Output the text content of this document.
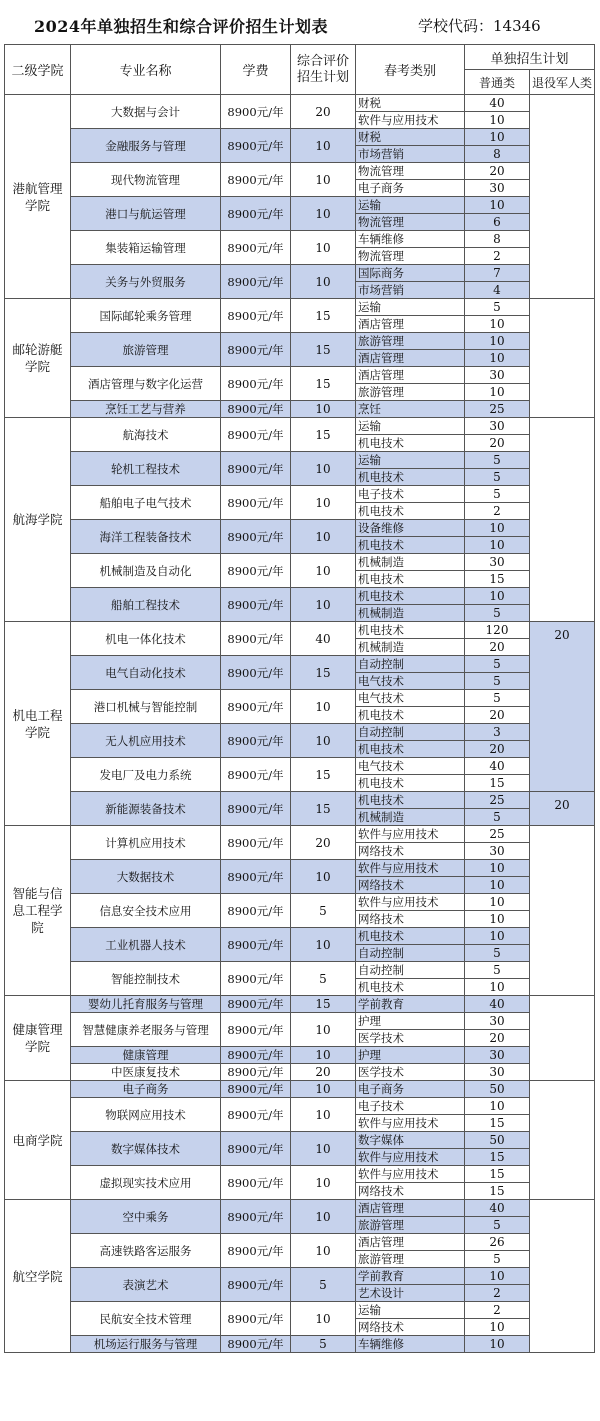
2024年单独招生和综合评价招生计划表	学校代码：14346
二级学院	专业名称	学费	综合评价招生计划	春考类别	单独招生计划	
					普通类	退役军人类
港航管理学院	大数据与会计	8900元/年	20	财税	40	
				软件与应用技术	10	
	金融服务与管理	8900元/年	10	财税	10	
				市场营销	8	
	现代物流管理	8900元/年	10	物流管理	20	
				电子商务	30	
	港口与航运管理	8900元/年	10	运输	10	
				物流管理	6	
	集装箱运输管理	8900元/年	10	车辆维修	8	
				物流管理	2	
	关务与外贸服务	8900元/年	10	国际商务	7	
				市场营销	4	
邮轮游艇学院	国际邮轮乘务管理	8900元/年	15	运输	5	
				酒店管理	10	
	旅游管理	8900元/年	15	旅游管理	10	
				酒店管理	10	
	酒店管理与数字化运营	8900元/年	15	酒店管理	30	
				旅游管理	10	
	烹饪工艺与营养	8900元/年	10	烹饪	25	
航海学院	航海技术	8900元/年	15	运输	30	
				机电技术	20	
	轮机工程技术	8900元/年	10	运输	5	
				机电技术	5	
	船舶电子电气技术	8900元/年	10	电子技术	5	
				机电技术	2	
	海洋工程装备技术	8900元/年	10	设备维修	10	
				机电技术	10	
	机械制造及自动化	8900元/年	10	机械制造	30	
				机电技术	15	
	船舶工程技术	8900元/年	10	机电技术	10	
				机械制造	5	
机电工程学院	机电一体化技术	8900元/年	40	机电技术	120	20
				机械制造	20	
	电气自动化技术	8900元/年	15	自动控制	5	
				电气技术	5	
	港口机械与智能控制	8900元/年	10	电气技术	5	
				机电技术	20	
	无人机应用技术	8900元/年	10	自动控制	3	
				机电技术	20	
	发电厂及电力系统	8900元/年	15	电气技术	40	
				机电技术	15	
	新能源装备技术	8900元/年	15	机电技术	25	20
				机械制造	5	
智能与信息工程学院	计算机应用技术	8900元/年	20	软件与应用技术	25	
				网络技术	30	
	大数据技术	8900元/年	10	软件与应用技术	10	
				网络技术	10	
	信息安全技术应用	8900元/年	5	软件与应用技术	10	
				网络技术	10	
	工业机器人技术	8900元/年	10	机电技术	10	
				自动控制	5	
	智能控制技术	8900元/年	5	自动控制	5	
				机电技术	10	
健康管理学院	婴幼儿托育服务与管理	8900元/年	15	学前教育	40	
	智慧健康养老服务与管理	8900元/年	10	护理	30	
				医学技术	20	
	健康管理	8900元/年	10	护理	30	
	中医康复技术	8900元/年	20	医学技术	30	
电商学院	电子商务	8900元/年	10	电子商务	50	
	物联网应用技术	8900元/年	10	电子技术	10	
				软件与应用技术	15	
	数字媒体技术	8900元/年	10	数字媒体	50	
				软件与应用技术	15	
	虚拟现实技术应用	8900元/年	10	软件与应用技术	15	
				网络技术	15	
航空学院	空中乘务	8900元/年	10	酒店管理	40	
				旅游管理	5	
	高速铁路客运服务	8900元/年	10	酒店管理	26	
				旅游管理	5	
	表演艺术	8900元/年	5	学前教育	10	
				艺术设计	2	
	民航安全技术管理	8900元/年	10	运输	2	
				网络技术	10	
	机场运行服务与管理	8900元/年	5	车辆维修	10	
